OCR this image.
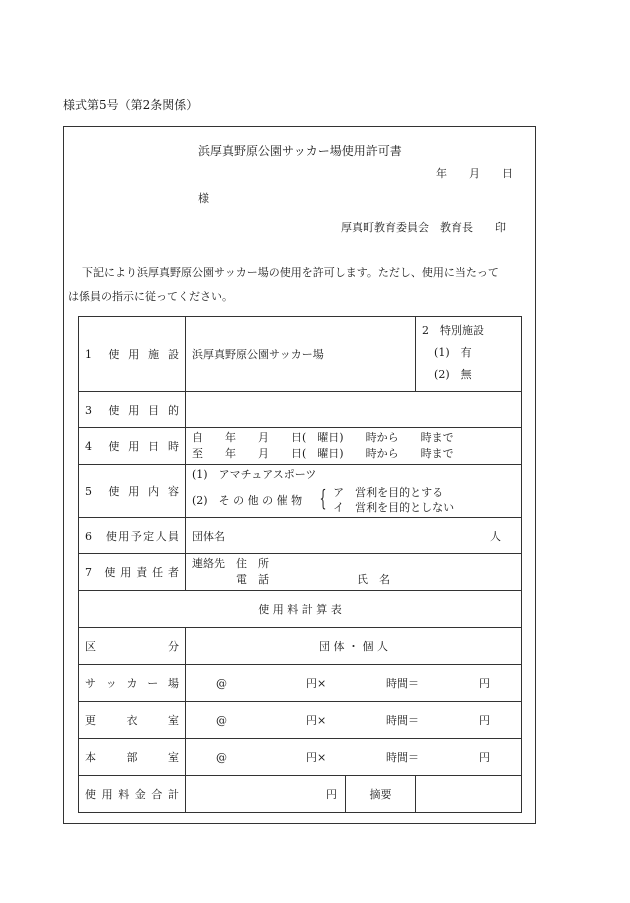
様式第5号（第2条関係）
浜厚真野原公園サッカー場使用許可書
年　　月　　日
様
厚真町教育委員会　教育長　　印
下記により浜厚真野原公園サッカー場の使用を許可します。ただし、使用に当たって
は係員の指示に従ってください。
1　使 用 施 設	浜厚真野原公園サッカー場		2　特別施設
(1)　有
(2)　無

3　使 用 目 的			
4　使 用 日 時	自　　年　　月　　日(　曜日)　　時から　　時まで
至　　年　　月　　日(　曜日)　　時から　　時まで		

5　使 用 内 容	(1)　アマチュアスポーツ
(2)　そ の 他 の 催 物 { ア　営利を目的とする
イ　営利を目的としない		

6　使用予定人員	団体名 人		

7　使 用 責 任 者	連絡先　住　所
　　　　電　話　　　　　　　　氏　名		

使 用 料 計 算 表			
区　　　　　分	団 体 ・ 個 人		
サ ッ カ ー 場	@ 円× 時間＝ 円		

更　　衣　　室	@ 円× 時間＝ 円		

本　　部　　室	@ 円× 時間＝ 円		

使 用 料 金 合 計	円	摘要	
